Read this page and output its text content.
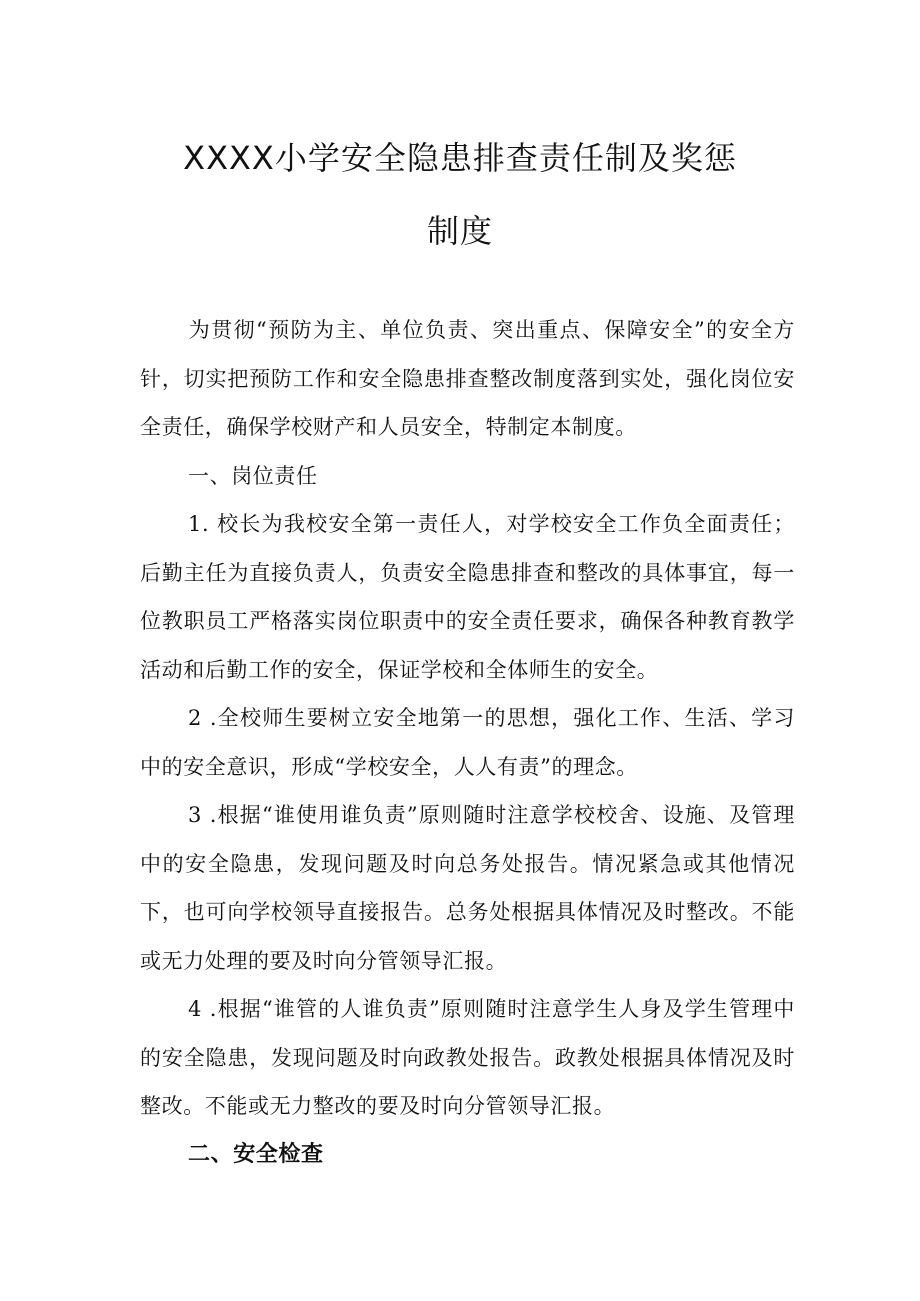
XXXX小学安全隐患排查责任制及奖惩
制度
为贯彻“预防为主、单位负责、突出重点、保障安全”的安全方针，切实把预防工作和安全隐患排查整改制度落到实处，强化岗位安全责任，确保学校财产和人员安全，特制定本制度。
一、岗位责任
1. 校长为我校安全第一责任人，对学校安全工作负全面责任；后勤主任为直接负责人，负责安全隐患排查和整改的具体事宜，每一位教职员工严格落实岗位职责中的安全责任要求，确保各种教育教学活动和后勤工作的安全，保证学校和全体师生的安全。
2 .全校师生要树立安全地第一的思想，强化工作、生活、学习中的安全意识，形成“学校安全，人人有责”的理念。
3 .根据“谁使用谁负责”原则随时注意学校校舍、设施、及管理中的安全隐患，发现问题及时向总务处报告。情况紧急或其他情况下，也可向学校领导直接报告。总务处根据具体情况及时整改。不能或无力处理的要及时向分管领导汇报。
4 .根据“谁管的人谁负责”原则随时注意学生人身及学生管理中的安全隐患，发现问题及时向政教处报告。政教处根据具体情况及时整改。不能或无力整改的要及时向分管领导汇报。
二、安全检查
